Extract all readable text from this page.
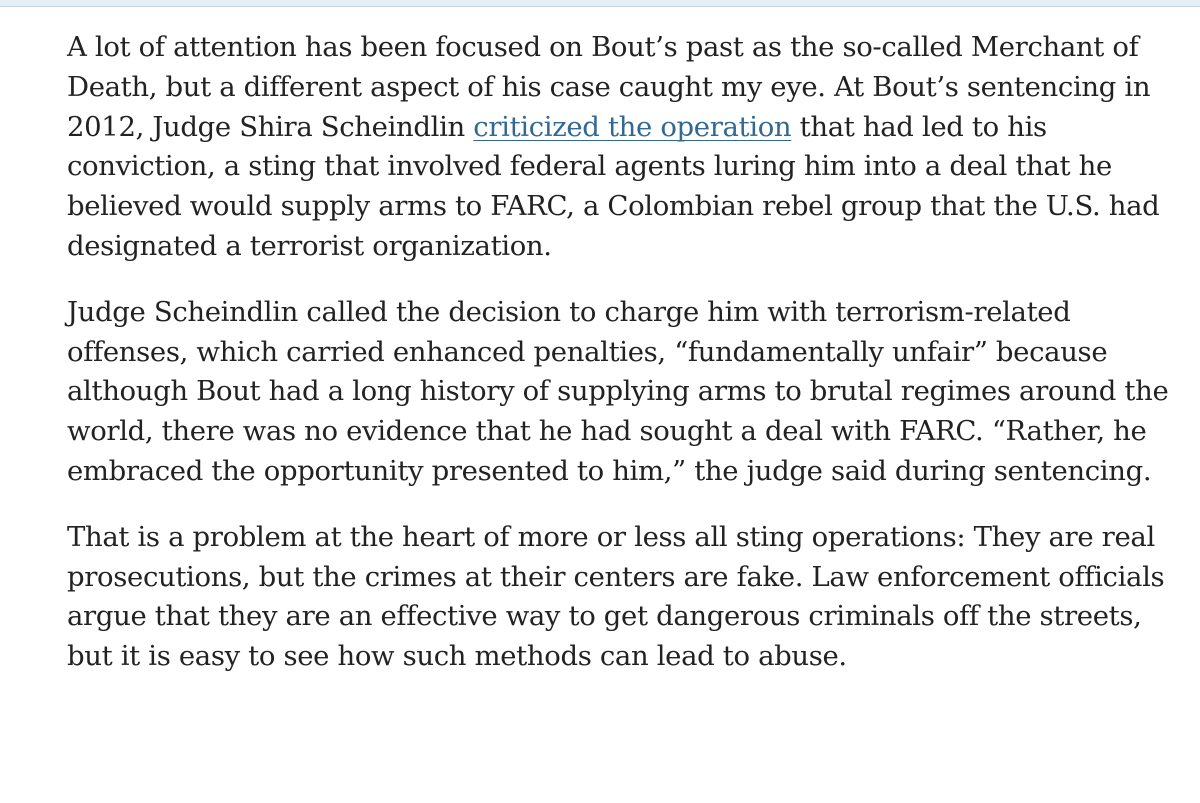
A lot of attention has been focused on Bout’s past as the so-called Merchant of Death, but a different aspect of his case caught my eye. At Bout’s sentencing in 2012, Judge Shira Scheindlin criticized the operation that had led to his conviction, a sting that involved federal agents luring him into a deal that he believed would supply arms to FARC, a Colombian rebel group that the U.S. had designated a terrorist organization.

Judge Scheindlin called the decision to charge him with terrorism-related offenses, which carried enhanced penalties, “fundamentally unfair” because although Bout had a long history of supplying arms to brutal regimes around the world, there was no evidence that he had sought a deal with FARC. “Rather, he embraced the opportunity presented to him,” the judge said during sentencing.

That is a problem at the heart of more or less all sting operations: They are real prosecutions, but the crimes at their centers are fake. Law enforcement officials argue that they are an effective way to get dangerous criminals off the streets, but it is easy to see how such methods can lead to abuse.
